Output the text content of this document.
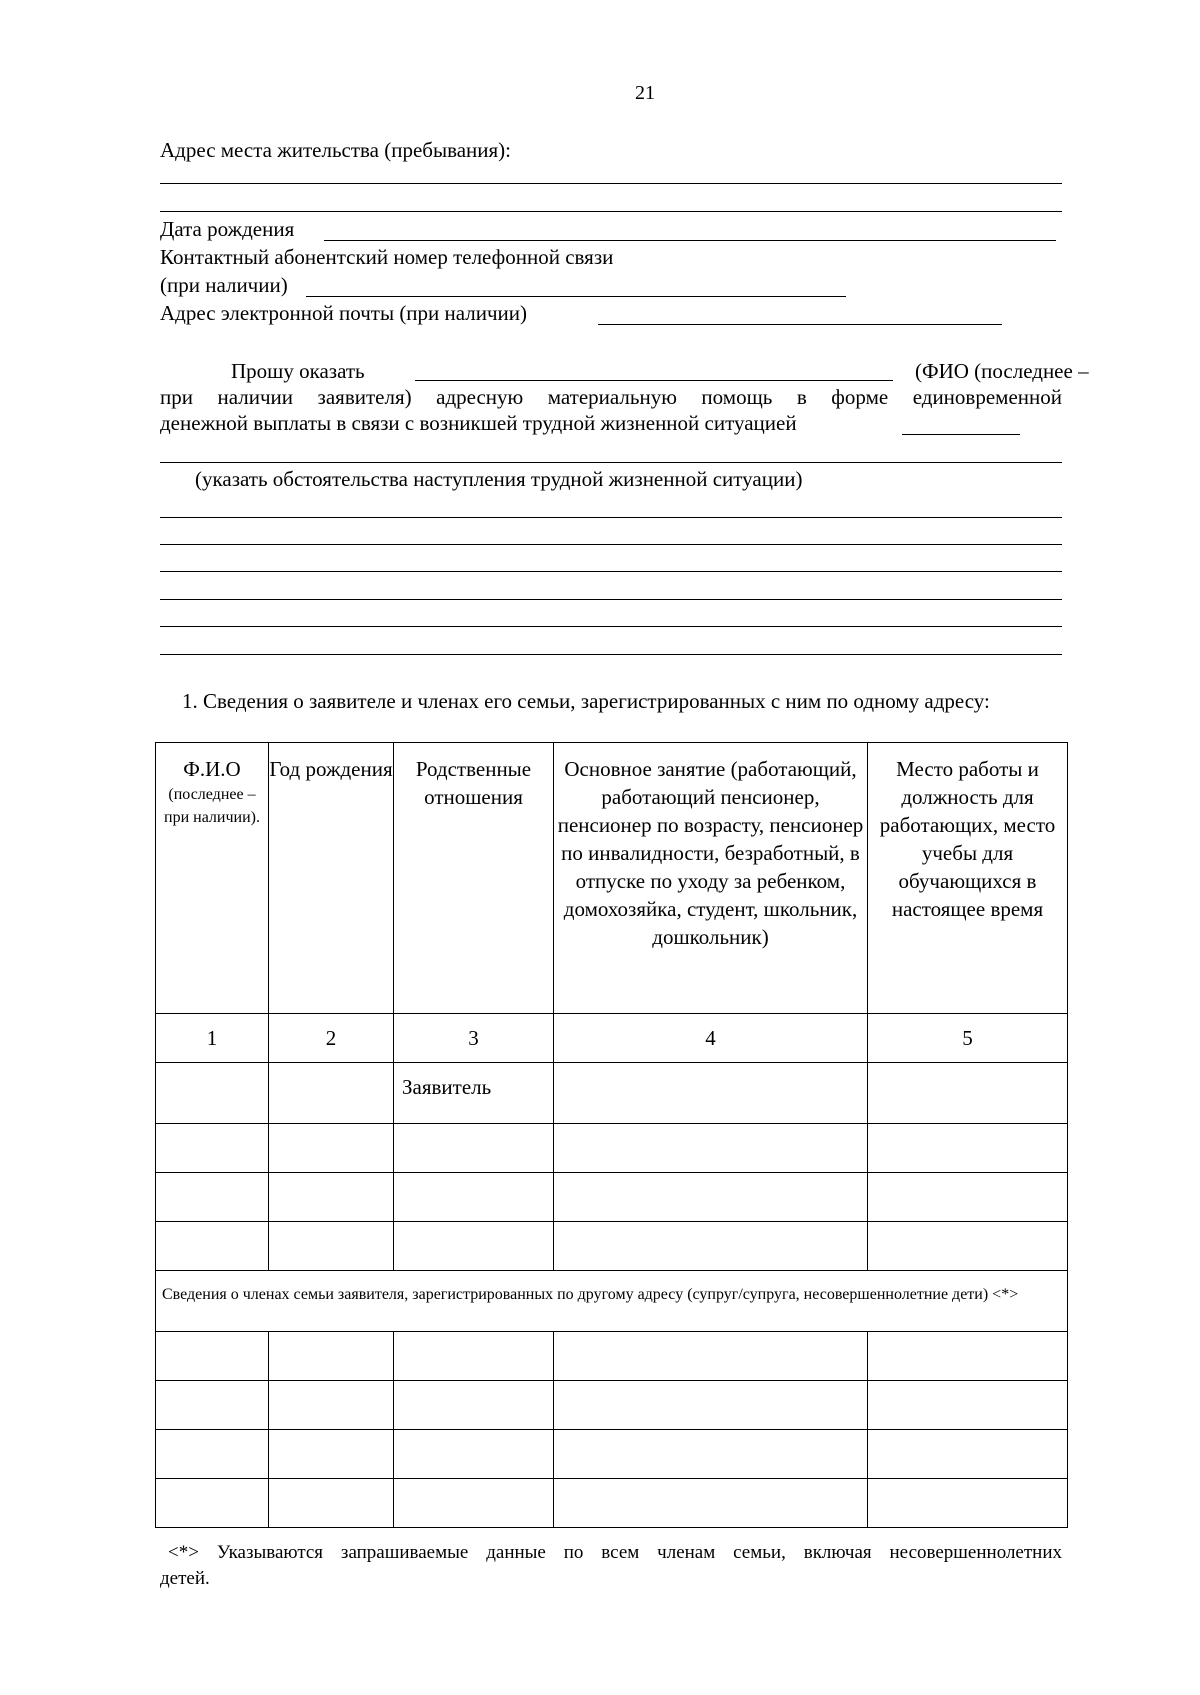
21
Адрес места жительства (пребывания):
Дата рождения
Контактный абонентский номер телефонной связи
(при наличии)
Адрес электронной почты (при наличии)
Прошу оказать	(ФИО (последнее –
при наличии заявителя) адресную материальную помощь в форме единовременной
денежной выплаты в связи с возникшей трудной жизненной ситуацией
(указать обстоятельства наступления трудной жизненной ситуации)
1. Сведения о заявителе и членах его семьи, зарегистрированных с ним по одному адресу:
Ф.И.О
(последнее – при наличии).	Год рождения	Родственные отношения	Основное занятие (работающий, работающий пенсионер, пенсионер по возрасту, пенсионер по инвалидности, безработный, в отпуске по уходу за ребенком, домохозяйка, студент, школьник, дошкольник)	Место работы и должность для работающих, место учебы для обучающихся в настоящее время
1	2	3	4	5
		Заявитель		

Сведения о членах семьи заявителя, зарегистрированных по другому адресу (супруг/супруга, несовершеннолетние дети) <*>				

<*> Указываются запрашиваемые данные по всем членам семьи, включая несовершеннолетних
детей.
